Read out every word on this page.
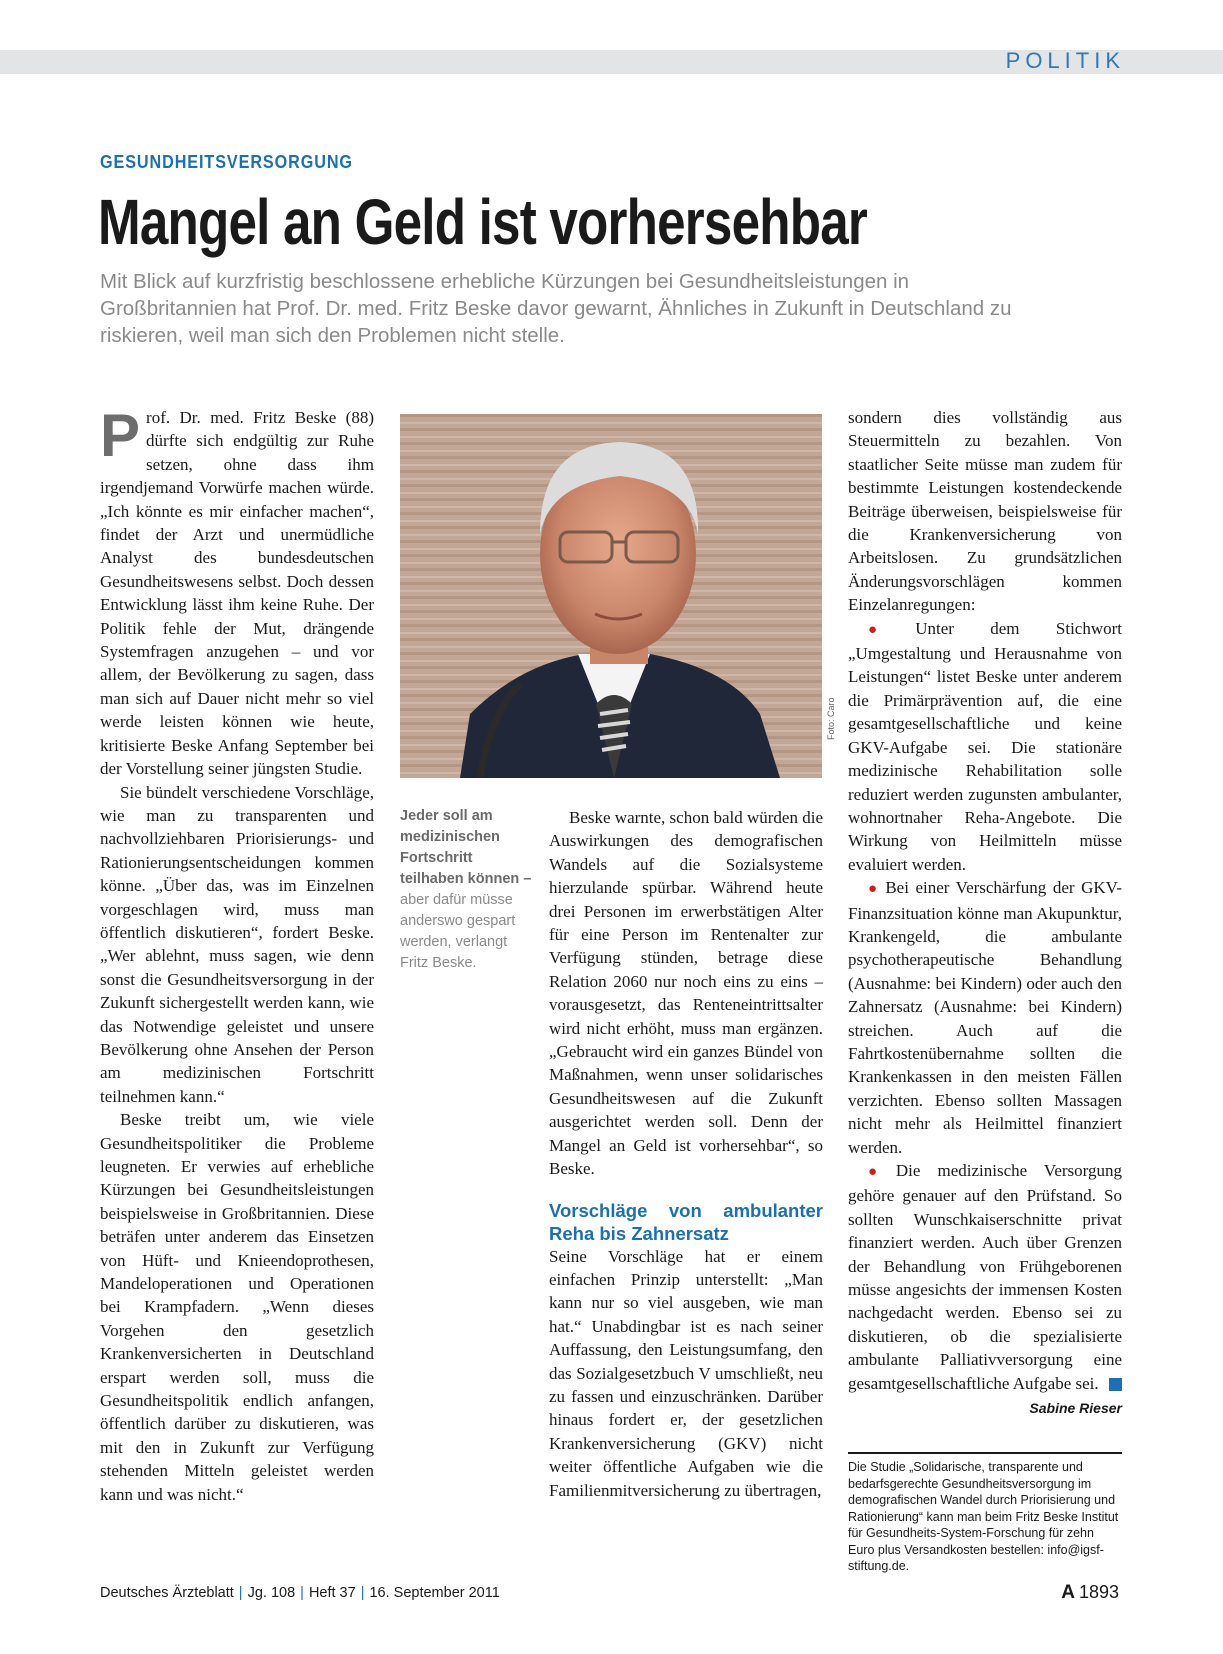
POLITIK
GESUNDHEITSVERSORGUNG
Mangel an Geld ist vorhersehbar
Mit Blick auf kurzfristig beschlossene erhebliche Kürzungen bei Gesundheitsleistungen in Großbritannien hat Prof. Dr. med. Fritz Beske davor gewarnt, Ähnliches in Zukunft in Deutschland zu riskieren, weil man sich den Problemen nicht stelle.

Prof. Dr. med. Fritz Beske (88) dürfte sich endgültig zur Ruhe setzen, ohne dass ihm irgendjemand Vorwürfe machen würde. „Ich könnte es mir einfacher machen“, findet der Arzt und unermüdliche Analyst des bundesdeutschen Gesundheitswesens selbst. Doch dessen Entwicklung lässt ihm keine Ruhe. Der Politik fehle der Mut, drängende Systemfragen anzugehen – und vor allem, der Bevölkerung zu sagen, dass man sich auf Dauer nicht mehr so viel werde leisten können wie heute, kritisierte Beske Anfang September bei der Vorstellung seiner jüngsten Studie.

Sie bündelt verschiedene Vorschläge, wie man zu transparenten und nachvollziehbaren Priorisierungs- und Rationierungsentscheidungen kommen könne. „Über das, was im Einzelnen vorgeschlagen wird, muss man öffentlich diskutieren“, fordert Beske. „Wer ablehnt, muss sagen, wie denn sonst die Gesundheitsversorgung in der Zukunft sichergestellt werden kann, wie das Notwendige geleistet und unsere Bevölkerung ohne Ansehen der Person am medizinischen Fortschritt teilnehmen kann.“

Beske treibt um, wie viele Gesundheitspolitiker die Probleme leugneten. Er verwies auf erhebliche Kürzungen bei Gesundheitsleistungen beispielsweise in Großbritannien. Diese beträfen unter anderem das Einsetzen von Hüft- und Knieendoprothesen, Mandeloperationen und Operationen bei Krampfadern. „Wenn dieses Vorgehen den gesetzlich Krankenversicherten in Deutschland erspart werden soll, muss die Gesundheitspolitik endlich anfangen, öffentlich darüber zu diskutieren, was mit den in Zukunft zur Verfügung stehenden Mitteln geleistet werden kann und was nicht.“

Foto: Caro
Jeder soll am medizinischen Fortschritt teilhaben können – aber dafür müsse anderswo gespart werden, verlangt Fritz Beske.

Beske warnte, schon bald würden die Auswirkungen des demografischen Wandels auf die Sozialsysteme hierzulande spürbar. Während heute drei Personen im erwerbstätigen Alter für eine Person im Rentenalter zur Verfügung stünden, betrage diese Relation 2060 nur noch eins zu eins – vorausgesetzt, das Renteneintrittsalter wird nicht erhöht, muss man ergänzen. „Gebraucht wird ein ganzes Bündel von Maßnahmen, wenn unser solidarisches Gesundheitswesen auf die Zukunft ausgerichtet werden soll. Denn der Mangel an Geld ist vorhersehbar“, so Beske.

Vorschläge von ambulanter Reha bis Zahnersatz

Seine Vorschläge hat er einem einfachen Prinzip unterstellt: „Man kann nur so viel ausgeben, wie man hat.“ Unabdingbar ist es nach seiner Auffassung, den Leistungsumfang, den das Sozialgesetzbuch V umschließt, neu zu fassen und einzuschränken. Darüber hinaus fordert er, der gesetzlichen Krankenversicherung (GKV) nicht weiter öffentliche Aufgaben wie die Familienmitversicherung zu übertragen,

sondern dies vollständig aus Steuermitteln zu bezahlen. Von staatlicher Seite müsse man zudem für bestimmte Leistungen kostendeckende Beiträge überweisen, beispielsweise für die Krankenversicherung von Arbeitslosen. Zu grundsätzlichen Änderungsvorschlägen kommen Einzelanregungen:

● Unter dem Stichwort „Umgestaltung und Herausnahme von Leistungen“ listet Beske unter anderem die Primärprävention auf, die eine gesamtgesellschaftliche und keine GKV-Aufgabe sei. Die stationäre medizinische Rehabilitation solle reduziert werden zugunsten ambulanter, wohnortnaher Reha-Angebote. Die Wirkung von Heilmitteln müsse evaluiert werden.

● Bei einer Verschärfung der GKV-Finanzsituation könne man Akupunktur, Krankengeld, die ambulante psychotherapeutische Behandlung (Ausnahme: bei Kindern) oder auch den Zahnersatz (Ausnahme: bei Kindern) streichen. Auch auf die Fahrtkostenübernahme sollten die Krankenkassen in den meisten Fällen verzichten. Ebenso sollten Massagen nicht mehr als Heilmittel finanziert werden.

● Die medizinische Versorgung gehöre genauer auf den Prüfstand. So sollten Wunschkaiserschnitte privat finanziert werden. Auch über Grenzen der Behandlung von Frühgeborenen müsse angesichts der immensen Kosten nachgedacht werden. Ebenso sei zu diskutieren, ob die spezialisierte ambulante Palliativversorgung eine gesamtgesellschaftliche Aufgabe sei.

Sabine Rieser
Die Studie „Solidarische, transparente und bedarfsgerechte Gesundheitsversorgung im demografischen Wandel durch Priorisierung und Rationierung“ kann man beim Fritz Beske Institut für Gesundheits-System-Forschung für zehn Euro plus Versandkosten bestellen: info@igsf-stiftung.de.
Deutsches Ärzteblatt | Jg. 108 | Heft 37 | 16. September 2011	A 1893
